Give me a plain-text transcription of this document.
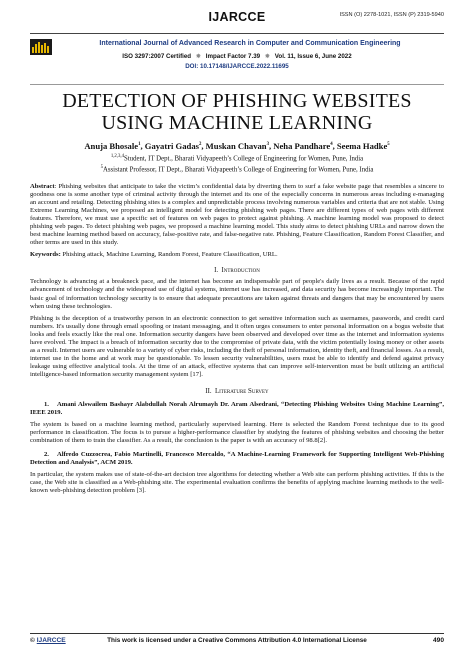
IJARCCE	ISSN (O) 2278-1021, ISSN (P) 2319-5940
International Journal of Advanced Research in Computer and Communication Engineering
ISO 3297:2007 Certified ✵ Impact Factor 7.39 ✵ Vol. 11, Issue 6, June 2022
DOI: 10.17148/IJARCCE.2022.11695
DETECTION OF PHISHING WEBSITES
USING MACHINE LEARNING
Anuja Bhosale$^1$, Gayatri Gadas$^2$, Muskan Chavan$^3$, Neha Pandhare$^4$, Seema Hadke$^5$
$^{1,2,3,4}$Student, IT Dept., Bharati Vidyapeeth’s College of Engineering for Women, Pune, India
$^5$Assistant Professor, IT Dept., Bharati Vidyapeeth’s College of Engineering for Women, Pune, India
Abstract: Phishing websites that anticipate to take the victim’s confidential data by diverting them to surf a fake website page that resembles a sincere to goodness one is some another type of criminal activity through the internet and its one of the especially concerns in numerous areas including e-managing an account and retailing. Detecting phishing sites is a complex and unpredictable process involving numerous variables and criteria that are not stable. Using Extreme Learning Machines, we proposed an intelligent model for detecting phishing web pages. There are different types of web pages with different features. Therefore, we must use a specific set of features on web pages to protect against phishing. A machine learning model was proposed to detect phishing web pages. To detect phishing web pages, we proposed a machine learning model. This study aims to detect phishing URLs and narrow down the best machine learning method based on accuracy, false-positive rate, and false-negative rate. Phishing, Feature Classification, Random Forest Classifier, and other terms are used in this study.
Keywords: Phishing attack, Machine Learning, Random Forest, Feature Classification, URL.
I. Introduction
Technology is advancing at a breakneck pace, and the internet has become an indispensable part of people's daily lives as a result. Because of the rapid advancement of technology and the widespread use of digital systems, internet use has increased, and data security has become increasingly important. The basic goal of information technology security is to ensure that adequate precautions are taken against threats and dangers that may be encountered by users when using these technologies.
Phishing is the deception of a trustworthy person in an electronic connection to get sensitive information such as usernames, passwords, and credit card numbers. It's usually done through email spoofing or instant messaging, and it often urges consumers to enter personal information on a bogus website that looks and feels exactly like the real one. Information security dangers have been observed and developed over time as the internet and information systems have evolved. The impact is a breach of information security due to the compromise of private data, with the victim potentially losing money or other assets as a result. Internet users are vulnerable to a variety of cyber risks, including the theft of personal information, identity theft, and financial losses. As a result, internet use in the home and at work may be questionable. To lessen security vulnerabilities, users must be able to identify and defend against privacy leakage using effective analytical tools. At the time of an attack, effective systems that can improve self-intervention must be built utilizing an artificial intelligence-based information security management system [17].
II. Literature Survey
1. Amani Alswailem Bashayr Alabdullah Norah Alrumayh Dr. Aram Alsedrani, “Detecting Phishing Websites Using Machine Learning”, IEEE 2019.
The system is based on a machine learning method, particularly supervised learning. Here is selected the Random Forest technique due to its good performance in classification. The focus is to pursue a higher-performance classifier by studying the features of phishing websites and choosing the better combination of them to train the classifier. As a result, the conclusion is the paper is with an accuracy of 98.8[2].
2. Alfredo Cuzzocrea, Fabio Martinelli, Francesco Mercaldo, “A Machine-Learning Framework for Supporting Intelligent Web-Phishing Detection and Analysis”, ACM 2019.
In particular, the system makes use of state-of-the-art decision tree algorithms for detecting whether a Web site can perform phishing activities. If this is the case, the Web site is classified as a Web-phishing site. The experimental evaluation confirms the benefits of applying machine learning methods to the well-known web-phishing detection problem [3].
© IJARCCE	This work is licensed under a Creative Commons Attribution 4.0 International License	490
